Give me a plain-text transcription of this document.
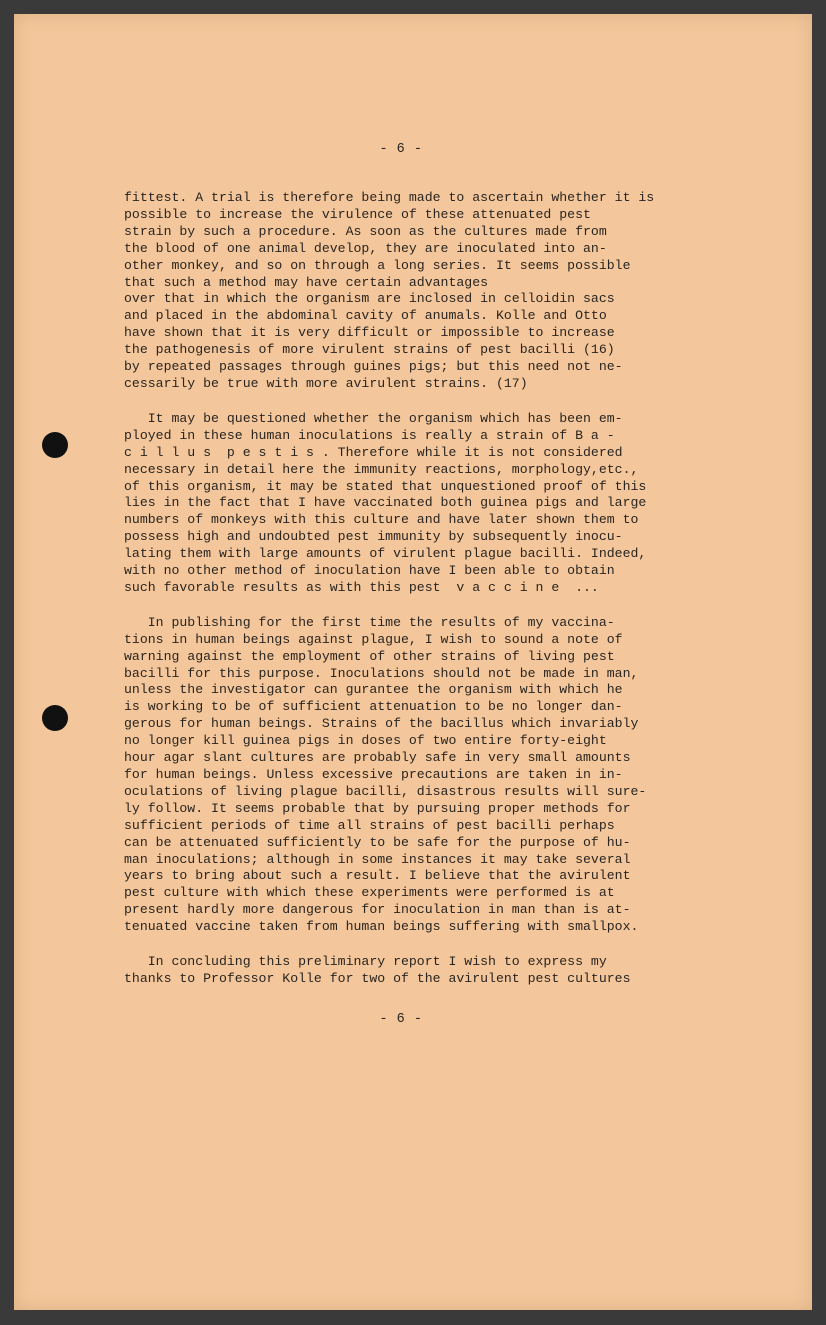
- 6 -
fittest. A trial is therefore being made to ascertain whether it is
possible to increase the virulence of these attenuated pest
strain by such a procedure. As soon as the cultures made from
the blood of one animal develop, they are inoculated into an-
other monkey, and so on through a long series. It seems possible
that such a method may have certain advantages
over that in which the organism are inclosed in celloidin sacs
and placed in the abdominal cavity of anumals. Kolle and Otto
have shown that it is very difficult or impossible to increase
the pathogenesis of more virulent strains of pest bacilli (16)
by repeated passages through guines pigs; but this need not ne-
cessarily be true with more avirulent strains. (17)
It may be questioned whether the organism which has been em-
ployed in these human inoculations is really a strain of B a -
c i l l u s  p e s t i s . Therefore while it is not considered
necessary in detail here the immunity reactions, morphology,etc.,
of this organism, it may be stated that unquestioned proof of this
lies in the fact that I have vaccinated both guinea pigs and large
numbers of monkeys with this culture and have later shown them to
possess high and undoubted pest immunity by subsequently inocu-
lating them with large amounts of virulent plague bacilli. Indeed,
with no other method of inoculation have I been able to obtain
such favorable results as with this pest  v a c c i n e  ...
In publishing for the first time the results of my vaccina-
tions in human beings against plague, I wish to sound a note of
warning against the employment of other strains of living pest
bacilli for this purpose. Inoculations should not be made in man,
unless the investigator can gurantee the organism with which he
is working to be of sufficient attenuation to be no longer dan-
gerous for human beings. Strains of the bacillus which invariably
no longer kill guinea pigs in doses of two entire forty-eight
hour agar slant cultures are probably safe in very small amounts
for human beings. Unless excessive precautions are taken in in-
oculations of living plague bacilli, disastrous results will sure-
ly follow. It seems probable that by pursuing proper methods for
sufficient periods of time all strains of pest bacilli perhaps
can be attenuated sufficiently to be safe for the purpose of hu-
man inoculations; although in some instances it may take several
years to bring about such a result. I believe that the avirulent
pest culture with which these experiments were performed is at
present hardly more dangerous for inoculation in man than is at-
tenuated vaccine taken from human beings suffering with smallpox.
In concluding this preliminary report I wish to express my
thanks to Professor Kolle for two of the avirulent pest cultures
- 6 -
